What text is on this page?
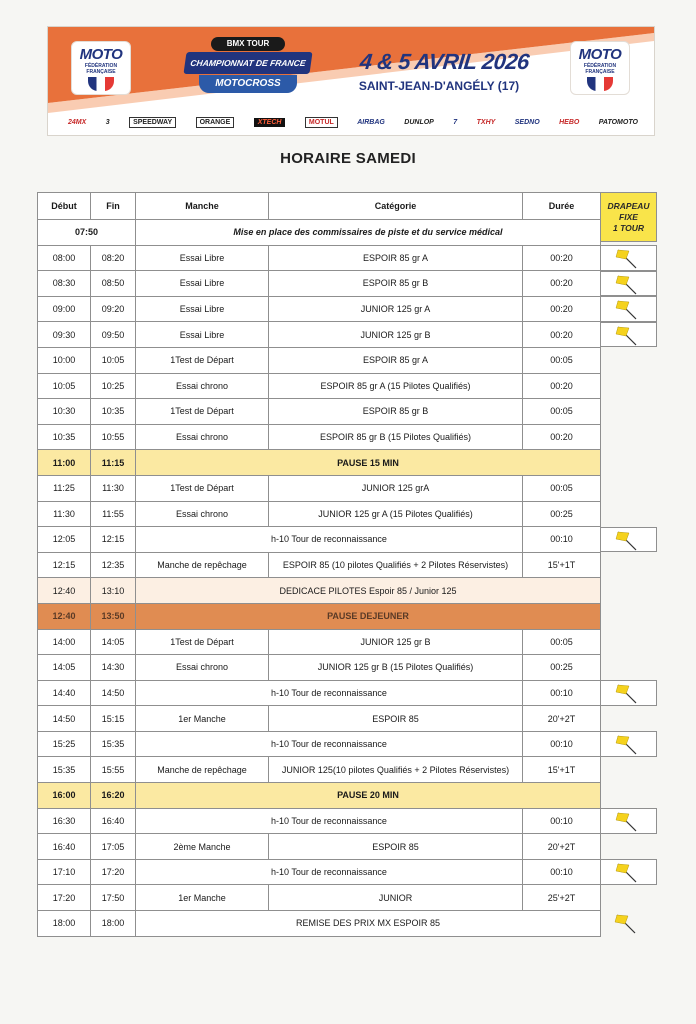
MOTO
FÉDÉRATION FRANÇAISE
BMX TOUR
CHAMPIONNAT DE FRANCE
MOTOCROSS
4 & 5 AVRIL 2026
SAINT-JEAN-D'ANGÉLY (17)
MOTO
FÉDÉRATION FRANÇAISE
24MX	3	SPEEDWAY	ORANGE	XTECH	MOTUL	AIRBAG	DUNLOP	7	TXHY	SEDNO	HEBO	PATOMOTO
HORAIRE SAMEDI
Début	Fin	Manche	Catégorie	Durée
07:50		Mise en place des commissaires de piste et du service médical		
08:00	08:20	Essai Libre	ESPOIR 85 gr A	00:20
08:30	08:50	Essai Libre	ESPOIR 85 gr B	00:20
09:00	09:20	Essai Libre	JUNIOR 125 gr A	00:20
09:30	09:50	Essai Libre	JUNIOR 125 gr B	00:20
10:00	10:05	1Test de Départ	ESPOIR 85 gr A	00:05
10:05	10:25	Essai chrono	ESPOIR 85 gr A (15 Pilotes Qualifiés)	00:20
10:30	10:35	1Test de Départ	ESPOIR 85 gr B	00:05
10:35	10:55	Essai chrono	ESPOIR 85 gr B (15 Pilotes Qualifiés)	00:20
11:00	11:15	PAUSE 15 MIN		
11:25	11:30	1Test de Départ	JUNIOR 125 grA	00:05
11:30	11:55	Essai chrono	JUNIOR 125 gr A (15 Pilotes Qualifiés)	00:25
12:05	12:15	h-10 Tour de reconnaissance		00:10
12:15	12:35	Manche de repêchage	ESPOIR 85 (10 pilotes Qualifiés + 2 Pilotes Réservistes)	15'+1T
12:40	13:10	DEDICACE PILOTES Espoir 85 / Junior 125		
12:40	13:50	PAUSE DEJEUNER		
14:00	14:05	1Test de Départ	JUNIOR 125 gr B	00:05
14:05	14:30	Essai chrono	JUNIOR 125 gr B (15 Pilotes Qualifiés)	00:25
14:40	14:50	h-10 Tour de reconnaissance		00:10
14:50	15:15	1er Manche	ESPOIR 85	20'+2T
15:25	15:35	h-10 Tour de reconnaissance		00:10
15:35	15:55	Manche de repêchage	JUNIOR 125(10 pilotes Qualifiés + 2 Pilotes Réservistes)	15'+1T
16:00	16:20	PAUSE 20 MIN		
16:30	16:40	h-10 Tour de reconnaissance		00:10
16:40	17:05	2ème Manche	ESPOIR 85	20'+2T
17:10	17:20	h-10 Tour de reconnaissance		00:10
17:20	17:50	1er Manche	JUNIOR	25'+2T
18:00	18:00	REMISE DES PRIX MX ESPOIR 85		
DRAPEAU
FIXE
1 TOUR
